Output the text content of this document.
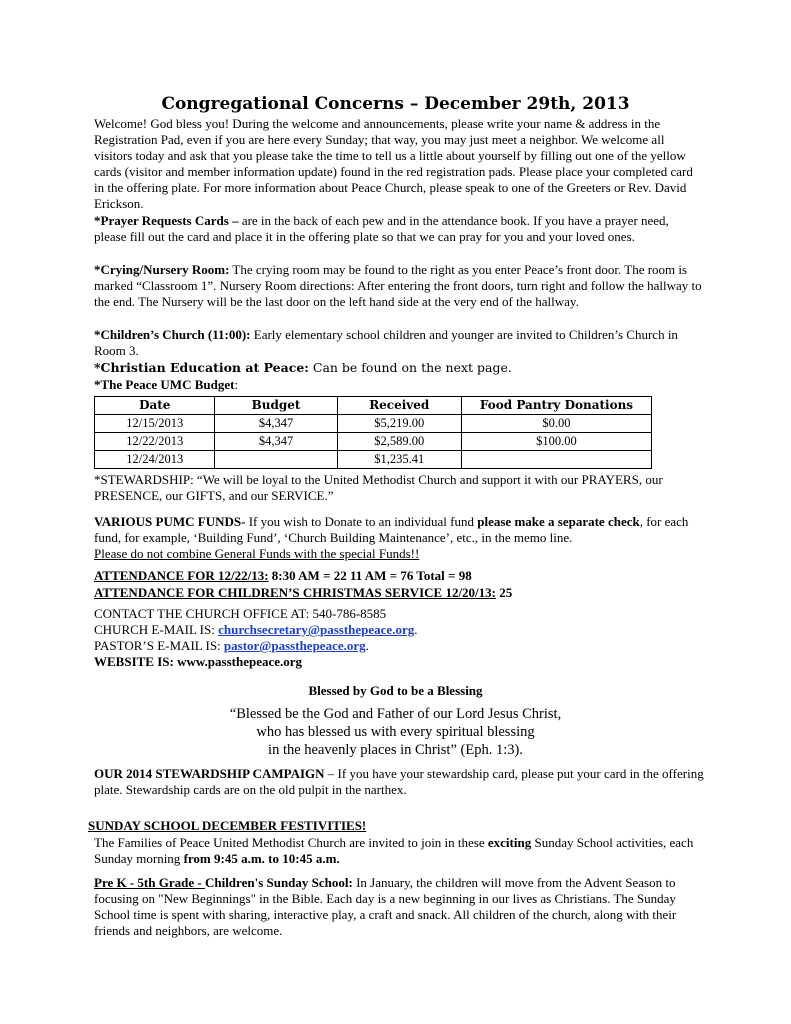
Congregational Concerns – December 29th, 2013

Welcome! God bless you! During the welcome and announcements, please write your name & address in the Registration Pad, even if you are here every Sunday; that way, you may just meet a neighbor. We welcome all visitors today and ask that you please take the time to tell us a little about yourself by filling out one of the yellow cards (visitor and member information update) found in the red registration pads. Please place your completed card in the offering plate. For more information about Peace Church, please speak to one of the Greeters or Rev. David Erickson.

*Prayer Requests Cards – are in the back of each pew and in the attendance book. If you have a prayer need, please fill out the card and place it in the offering plate so that we can pray for you and your loved ones.

*Crying/Nursery Room: The crying room may be found to the right as you enter Peace’s front door. The room is marked “Classroom 1”. Nursery Room directions: After entering the front doors, turn right and follow the hallway to the end. The Nursery will be the last door on the left hand side at the very end of the hallway.

*Children’s Church (11:00): Early elementary school children and younger are invited to Children’s Church in Room 3.

*Christian Education at Peace: Can be found on the next page.

*The Peace UMC Budget:

Date	Budget	Received	Food Pantry Donations
12/15/2013	$4,347	$5,219.00	$0.00
12/22/2013	$4,347	$2,589.00	$100.00
12/24/2013		$1,235.41	

*STEWARDSHIP: “We will be loyal to the United Methodist Church and support it with our PRAYERS, our PRESENCE, our GIFTS, and our SERVICE.”

VARIOUS PUMC FUNDS- If you wish to Donate to an individual fund please make a separate check, for each fund, for example, ‘Building Fund’, ‘Church Building Maintenance’, etc., in the memo line.
Please do not combine General Funds with the special Funds!!

ATTENDANCE FOR 12/22/13: 8:30 AM = 22 11 AM = 76 Total = 98

ATTENDANCE FOR CHILDREN’S CHRISTMAS SERVICE 12/20/13: 25

CONTACT THE CHURCH OFFICE AT: 540-786-8585
CHURCH E-MAIL IS: churchsecretary@passthepeace.org.
PASTOR’S E-MAIL IS: pastor@passthepeace.org.
WEBSITE IS: www.passthepeace.org
Blessed by God to be a Blessing
“Blessed be the God and Father of our Lord Jesus Christ,
who has blessed us with every spiritual blessing
in the heavenly places in Christ” (Eph. 1:3).

OUR 2014 STEWARDSHIP CAMPAIGN – If you have your stewardship card, please put your card in the offering plate. Stewardship cards are on the old pulpit in the narthex.

SUNDAY SCHOOL DECEMBER FESTIVITIES!

The Families of Peace United Methodist Church are invited to join in these exciting Sunday School activities, each Sunday morning from 9:45 a.m. to 10:45 a.m.

Pre K - 5th Grade - Children's Sunday School: In January, the children will move from the Advent Season to focusing on "New Beginnings" in the Bible. Each day is a new beginning in our lives as Christians. The Sunday School time is spent with sharing, interactive play, a craft and snack. All children of the church, along with their friends and neighbors, are welcome.
